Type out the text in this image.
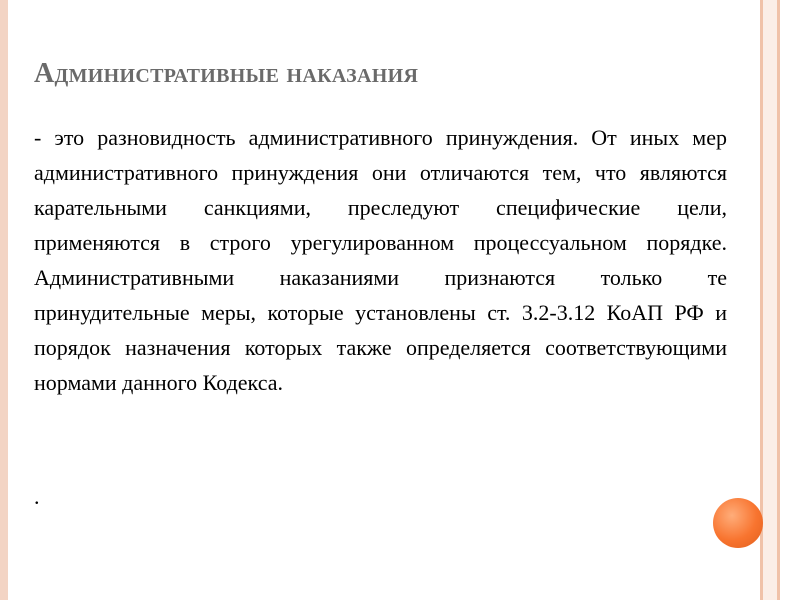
Административные наказания

- это разновидность административного принуждения. От иных мер административного принуждения они отличаются тем, что являются карательными санкциями, преследуют специфические цели, применяются в строго урегулированном процессуальном порядке. Административными наказаниями признаются только те принудительные меры, которые установлены ст. 3.2-3.12 КоАП РФ и порядок назначения которых также определяется соответствующими нормами данного Кодекса.

.
